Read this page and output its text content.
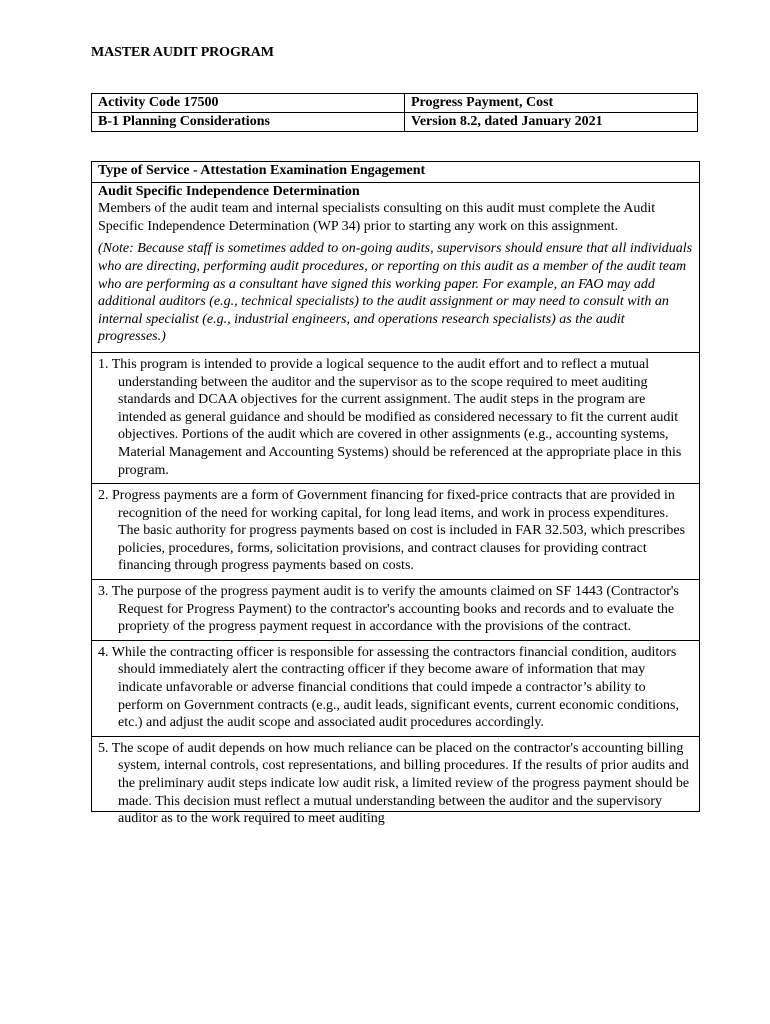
MASTER AUDIT PROGRAM
Activity Code 17500	Progress Payment, Cost
B-1 Planning Considerations	Version 8.2, dated January 2021
Type of Service - Attestation Examination Engagement
Audit Specific Independence Determination
Members of the audit team and internal specialists consulting on this audit must complete the Audit Specific Independence Determination (WP 34) prior to starting any work on this assignment.
(Note: Because staff is sometimes added to on-going audits, supervisors should ensure that all individuals who are directing, performing audit procedures, or reporting on this audit as a member of the audit team who are performing as a consultant have signed this working paper. For example, an FAO may add additional auditors (e.g., technical specialists) to the audit assignment or may need to consult with an internal specialist (e.g., industrial engineers, and operations research specialists) as the audit progresses.)
1. This program is intended to provide a logical sequence to the audit effort and to reflect a mutual understanding between the auditor and the supervisor as to the scope required to meet auditing standards and DCAA objectives for the current assignment. The audit steps in the program are intended as general guidance and should be modified as considered necessary to fit the current audit objectives. Portions of the audit which are covered in other assignments (e.g., accounting systems, Material Management and Accounting Systems) should be referenced at the appropriate place in this program.
2. Progress payments are a form of Government financing for fixed-price contracts that are provided in recognition of the need for working capital, for long lead items, and work in process expenditures. The basic authority for progress payments based on cost is included in FAR 32.503, which prescribes policies, procedures, forms, solicitation provisions, and contract clauses for providing contract financing through progress payments based on costs.
3. The purpose of the progress payment audit is to verify the amounts claimed on SF 1443 (Contractor's Request for Progress Payment) to the contractor's accounting books and records and to evaluate the propriety of the progress payment request in accordance with the provisions of the contract.
4. While the contracting officer is responsible for assessing the contractors financial condition, auditors should immediately alert the contracting officer if they become aware of information that may indicate unfavorable or adverse financial conditions that could impede a contractor’s ability to perform on Government contracts (e.g., audit leads, significant events, current economic conditions, etc.) and adjust the audit scope and associated audit procedures accordingly.
5. The scope of audit depends on how much reliance can be placed on the contractor's accounting billing system, internal controls, cost representations, and billing procedures. If the results of prior audits and the preliminary audit steps indicate low audit risk, a limited review of the progress payment should be made. This decision must reflect a mutual understanding between the auditor and the supervisory auditor as to the work required to meet auditing
